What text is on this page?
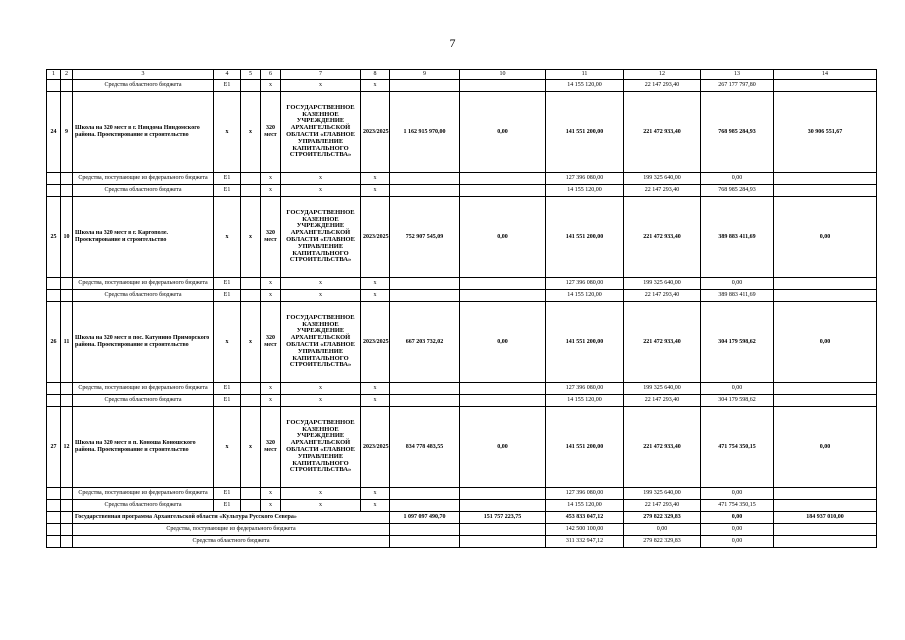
7
1	2	3	4	5	6	7	8	9	10	11	12	13	14
		Средства областного бюджета	Е1		х	х	х			14 155 120,00	22 147 293,40	267 177 797,80	
24	9	Школа на 320 мест в г. Няндома Няндомского района. Проектирование и строительство	х	х	320 мест	ГОСУДАРСТВЕННОЕ КАЗЕННОЕ УЧРЕЖДЕНИЕ АРХАНГЕЛЬСКОЙ ОБЛАСТИ «ГЛАВНОЕ УПРАВЛЕНИЕ КАПИТАЛЬНОГО СТРОИТЕЛЬСТВА»	2023/2025	1 162 915 970,00	0,00	141 551 200,00	221 472 933,40	768 985 284,93	30 906 551,67
		Средства, поступающие из федерального бюджета	Е1		х	х	х			127 396 080,00	199 325 640,00	0,00	
		Средства областного бюджета	Е1		х	х	х			14 155 120,00	22 147 293,40	768 985 284,93	
25	10	Школа на 320 мест в г. Каргополе. Проектирование и строительство	х	х	320 мест	ГОСУДАРСТВЕННОЕ КАЗЕННОЕ УЧРЕЖДЕНИЕ АРХАНГЕЛЬСКОЙ ОБЛАСТИ «ГЛАВНОЕ УПРАВЛЕНИЕ КАПИТАЛЬНОГО СТРОИТЕЛЬСТВА»	2023/2025	752 907 545,09	0,00	141 551 200,00	221 472 933,40	389 883 411,69	0,00
		Средства, поступающие из федерального бюджета	Е1		х	х	х			127 396 080,00	199 325 640,00	0,00	
		Средства областного бюджета	Е1		х	х	х			14 155 120,00	22 147 293,40	389 883 411,69	
26	11	Школа на 320 мест в пос. Катунино Приморского района. Проектирование и строительство	х	х	320 мест	ГОСУДАРСТВЕННОЕ КАЗЕННОЕ УЧРЕЖДЕНИЕ АРХАНГЕЛЬСКОЙ ОБЛАСТИ «ГЛАВНОЕ УПРАВЛЕНИЕ КАПИТАЛЬНОГО СТРОИТЕЛЬСТВА»	2023/2025	667 203 732,02	0,00	141 551 200,00	221 472 933,40	304 179 598,62	0,00
		Средства, поступающие из федерального бюджета	Е1		х	х	х			127 396 080,00	199 325 640,00	0,00	
		Средства областного бюджета	Е1		х	х	х			14 155 120,00	22 147 293,40	304 179 598,62	
27	12	Школа на 320 мест в п. Коноша Коношского района. Проектирование и строительство	х	х	320 мест	ГОСУДАРСТВЕННОЕ КАЗЕННОЕ УЧРЕЖДЕНИЕ АРХАНГЕЛЬСКОЙ ОБЛАСТИ «ГЛАВНОЕ УПРАВЛЕНИЕ КАПИТАЛЬНОГО СТРОИТЕЛЬСТВА»	2023/2025	834 778 483,55	0,00	141 551 200,00	221 472 933,40	471 754 350,15	0,00
		Средства, поступающие из федерального бюджета	Е1		х	х	х			127 396 080,00	199 325 640,00	0,00	
		Средства областного бюджета	Е1		х	х	х			14 155 120,00	22 147 293,40	471 754 350,15	
		Государственная программа Архангельской области «Культура Русского Севера»						1 097 097 490,70	151 757 223,75	453 833 047,12	279 822 329,83	0,00	184 937 010,00
		Средства, поступающие из федерального бюджета								142 500 100,00	0,00	0,00	
		Средства областного бюджета								311 332 947,12	279 822 329,83	0,00	
